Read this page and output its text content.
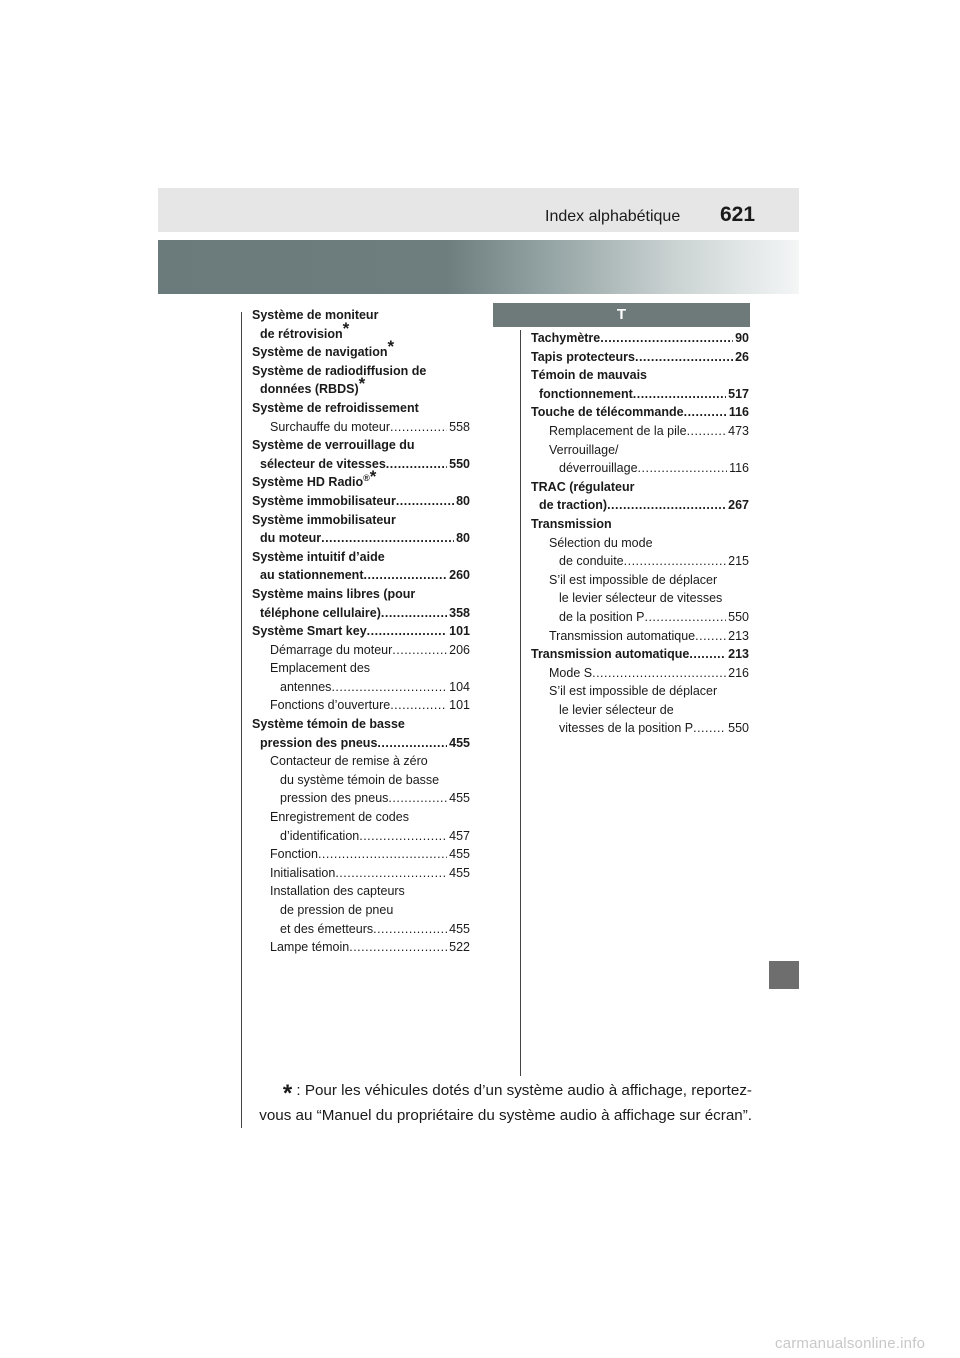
Index alphabétique 621
T
Système de moniteur
de rétrovision*
Système de navigation*
Système de radiodiffusion de
données (RBDS)*
Système de refroidissement
Surchauffe du moteur	558
.....
Système de verrouillage du
sélecteur de vitesses	550
.....
Système HD Radio®*
Système immobilisateur	80
.....
Système immobilisateur
du moteur	80
.....
Système intuitif d’aide
au stationnement	260
.....
Système mains libres (pour
téléphone cellulaire)	358
.....
Système Smart key	101
.....
Démarrage du moteur	206
.....
Emplacement des
antennes	104
.....
Fonctions d’ouverture	101
.....
Système témoin de basse
pression des pneus	455
.....
Contacteur de remise à zéro
du système témoin de basse
pression des pneus	455
.....
Enregistrement de codes
d’identification	457
.....
Fonction	455
.....
Initialisation	455
.....
Installation des capteurs
de pression de pneu
et des émetteurs	455
.....
Lampe témoin	522
.....
Tachymètre	90
.....
Tapis protecteurs	26
.....
Témoin de mauvais
fonctionnement	517
.....
Touche de télécommande	116
.....
Remplacement de la pile	473
.....
Verrouillage/
déverrouillage	116
.....
TRAC (régulateur
de traction)	267
.....
Transmission
Sélection du mode
de conduite	215
.....
S’il est impossible de déplacer
le levier sélecteur de vitesses
de la position P	550
.....
Transmission automatique	213
.....
Transmission automatique	213
.....
Mode S	216
.....
S’il est impossible de déplacer
le levier sélecteur de
vitesses de la position P	550
.....
* : Pour les véhicules dotés d’un système audio à affichage, reportez-
vous au “Manuel du propriétaire du système audio à affichage sur écran”.
carmanualsonline.info
